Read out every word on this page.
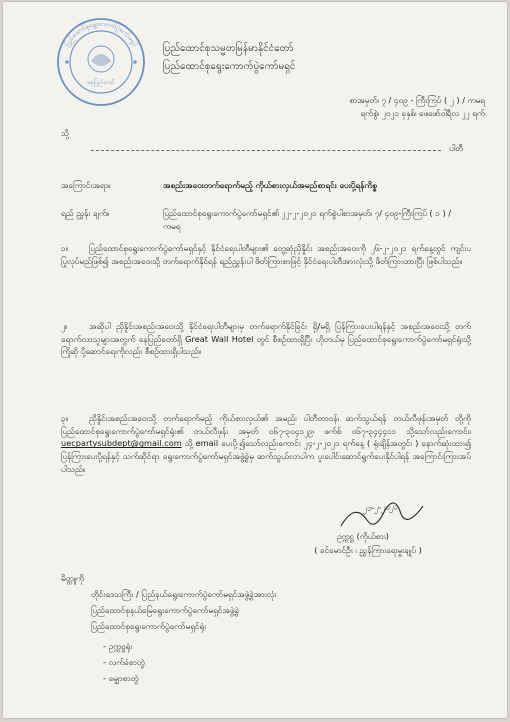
ပြည်ထောင်စုရွေးကောက်ပွဲကော်မရှင်
နေပြည်တော်
ပြည်ထောင်စုသမ္မတမြန်မာနိုင်ငံတော်
ပြည်ထောင်စုရွေးကောက်ပွဲကော်မရှင်
စာအမှတ်၊ ၇ / ၄၀၉ - ကြီးကြပ် ( ၂ ) / ကမရ
ရက်စွဲ၊ ၂၀၂၁ ခုနှစ်၊ ဖေဖော်ဝါရီလ ၂၂ ရက်
သို့
ပါတီ
အကြောင်းအရာ။	အစည်းအဝေးတက်ရောက်မည့် ကိုယ်စားလှယ်အမည်စာရင်း ပေးပို့ရန်ကိစ္စ
ရည် ညွှန်း ချက်။	ပြည်ထောင်စုရွေးကောက်ပွဲကော်မရှင်၏ ၂၂-၂-၂၀၂၁ ရက်စွဲပါစာအမှတ်၊ ၇/ ၄၀၉-ကြီးကြပ် ( ၁ ) / ကမရ
၁။	ပြည်ထောင်စုရွေးကောက်ပွဲကော်မရှင်နှင့် နိုင်ငံရေးပါတီများ၏ တွေ့ဆုံညှိနှိုင်း အစည်းအဝေးကို ၂၆-၂-၂၀၂၁ ရက်နေ့တွင် ကျင်းပပြုလုပ်မည်ဖြစ်၍ အစည်းအဝေးသို့ တက်ရောက်နိုင်ရန် ရည်ညွှန်းပါ ဖိတ်ကြားစာဖြင့် နိုင်ငံရေးပါတီအားလုံးသို့ ဖိတ်ကြားထားပြီး ဖြစ်ပါသည်။
၂။	အဆိုပါ ညှိနှိုင်းအစည်းအဝေးသို့ နိုင်ငံရေးပါတီများမှ တက်ရောက်နိုင်ခြင်း ရှိ/မရှိ ပြန်ကြားပေးပါရန်နှင့် အစည်းအဝေးသို့ တက်ရောက်လာသူများအတွက် နေပြည်တော်ရှိ Great Wall Hotel တွင် စီစဉ်ထားရှိပြီး ဟိုတယ်မှ ပြည်ထောင်စုရွေးကောက်ပွဲကော်မရှင်ရုံးသို့ ကြိုဆို ပို့ဆောင်ရေးကိုလည်း စီစဉ်ထားရှိပါသည်။
၃။	ညှိနှိုင်းအစည်းအဝေးသို့ တက်ရောက်မည့် ကိုယ်စားလှယ်၏ အမည်၊ ပါတီတာဝန်၊ ဆက်သွယ်ရန် တယ်လီဖုန်းအမှတ် တို့ကို ပြည်ထောင်စုရွေးကောက်ပွဲကော်မရှင်ရုံး၏ တယ်လီဖုန်း အမှတ် ၀၆၇-၃၀၄၁၂၉၊ ဖက်စ် ၀၆၇-၃၄၄၄၁၁ သို့သော်လည်းကောင်း၊ uecpartysubdept@gmail.com သို့ email ပေးပို့၍သော်လည်းကောင်း ၂၄-၂-၂၀၂၁ ရက်နေ့ ( ရုံးချိန်အတွင်း ) နောက်ဆုံးထား၍ ပြန်ကြားပေးပို့ရန်နှင့် သက်ဆိုင်ရာ ရွေးကောက်ပွဲကော်မရှင်အဖွဲ့ခွဲမှ ဆက်သွယ်လာပါက ပူးပေါင်းဆောင်ရွက်ပေးနိုင်ပါရန် အကြောင်းကြားအပ်ပါသည်။
၂၁-၂-၂၀၂၁
ဥက္ကဋ္ဌ (ကိုယ်စား)
( ခင်မောင်ဦး ၊ ညွှန်ကြားရေးမှူးချုပ် )
မိတ္တူကို
တိုင်းဒေသကြီး / ပြည်နယ်ရွေးကောက်ပွဲကော်မရှင်အဖွဲ့ခွဲအားလုံး
ပြည်ထောင်စုနယ်မြေရွေးကောက်ပွဲကော်မရှင်အဖွဲ့ခွဲ
ပြည်ထောင်စုရွေးကောက်ပွဲကော်မရှင်ရုံး
- ဥက္ကဋ္ဌရုံး
- လက်ခံစာတွဲ
- မျှောစာတွဲ
